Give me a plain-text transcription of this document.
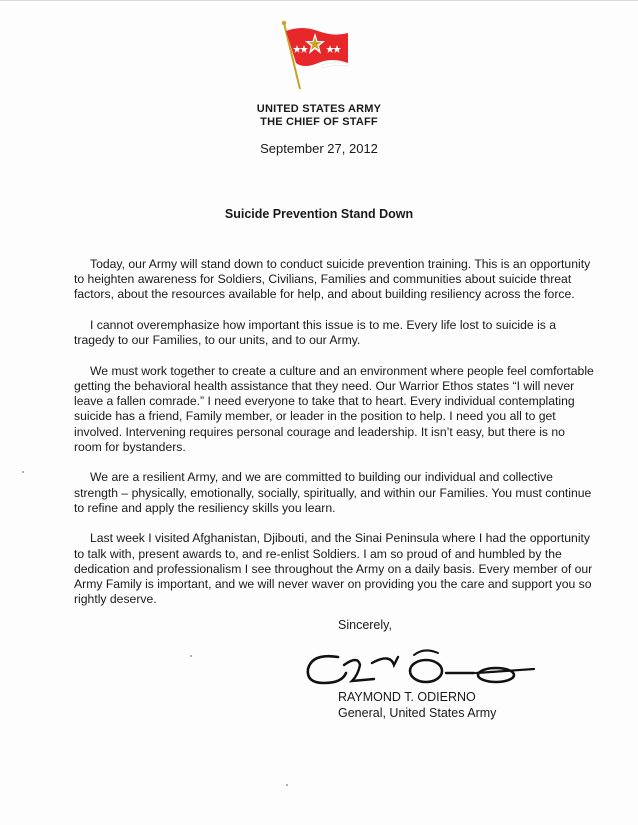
UNITED STATES ARMY
THE CHIEF OF STAFF
September 27, 2012
Suicide Prevention Stand Down

Today, our Army will stand down to conduct suicide prevention training. This is an opportunity to heighten awareness for Soldiers, Civilians, Families and communities about suicide threat factors, about the resources available for help, and about building resiliency across the force.

I cannot overemphasize how important this issue is to me. Every life lost to suicide is a tragedy to our Families, to our units, and to our Army.

We must work together to create a culture and an environment where people feel comfortable getting the behavioral health assistance that they need. Our Warrior Ethos states “I will never leave a fallen comrade.” I need everyone to take that to heart. Every individual contemplating suicide has a friend, Family member, or leader in the position to help. I need you all to get involved. Intervening requires personal courage and leadership. It isn’t easy, but there is no room for bystanders.

We are a resilient Army, and we are committed to building our individual and collective strength – physically, emotionally, socially, spiritually, and within our Families. You must continue to refine and apply the resiliency skills you learn.

Last week I visited Afghanistan, Djibouti, and the Sinai Peninsula where I had the opportunity to talk with, present awards to, and re-enlist Soldiers. I am so proud of and humbled by the dedication and professionalism I see throughout the Army on a daily basis. Every member of our Army Family is important, and we will never waver on providing you the care and support you so rightly deserve.

Sincerely,
RAYMOND T. ODIERNO
General, United States Army
